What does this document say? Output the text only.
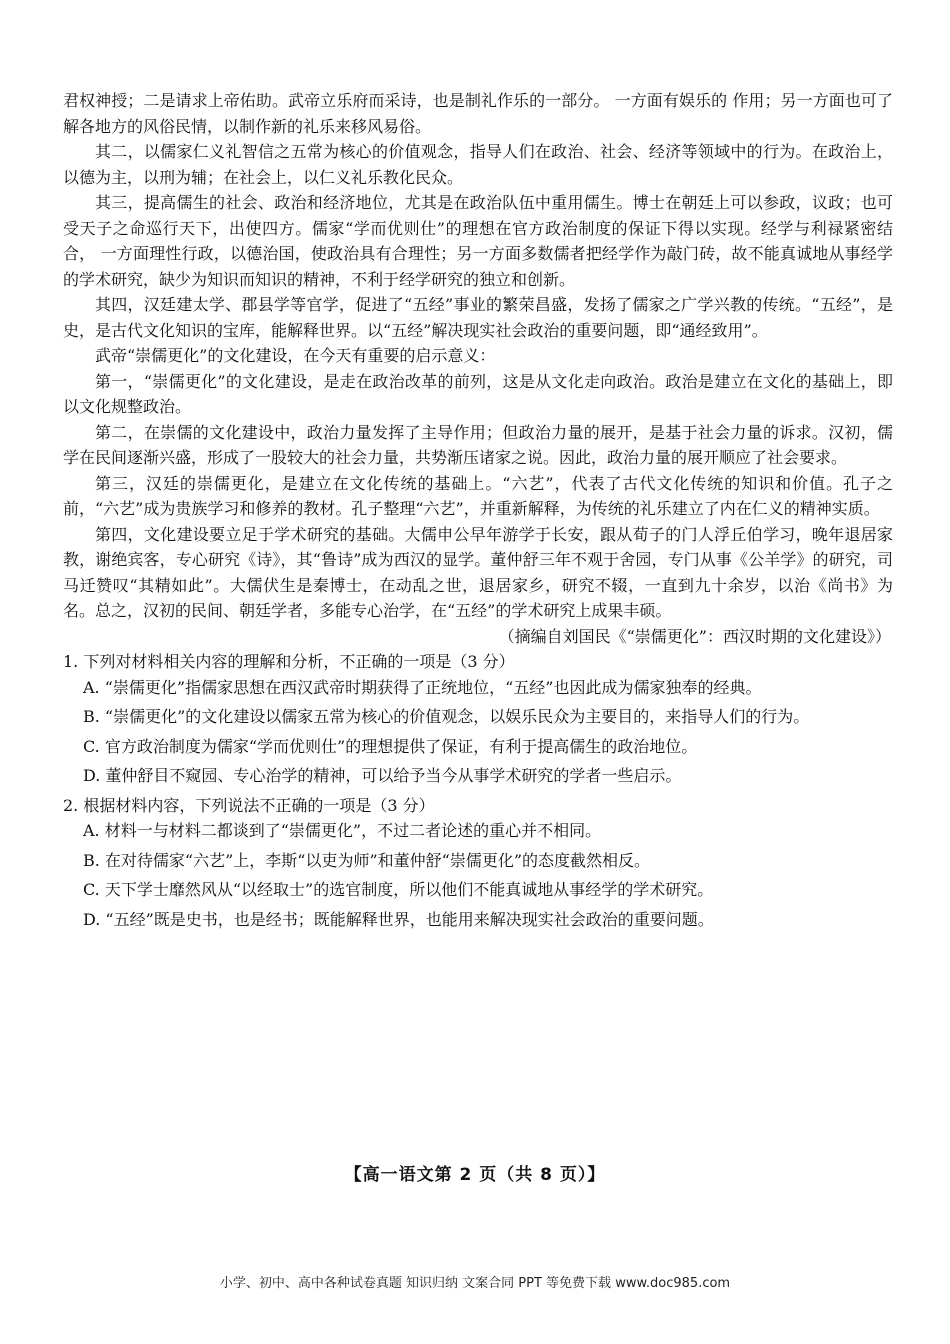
君权神授；二是请求上帝佑助。武帝立乐府而采诗，也是制礼作乐的一部分。 一方面有娱乐的 作用；另一方面也可了解各地方的风俗民情，以制作新的礼乐来移风易俗。

其二，以儒家仁义礼智信之五常为核心的价值观念，指导人们在政治、社会、经济等领域中的行为。在政治上，以德为主，以刑为辅；在社会上，以仁义礼乐教化民众。

其三，提高儒生的社会、政治和经济地位，尤其是在政治队伍中重用儒生。博士在朝廷上可以参政，议政；也可受天子之命巡行天下，出使四方。儒家“学而优则仕”的理想在官方政治制度的保证下得以实现。经学与利禄紧密结合， 一方面理性行政，以德治国，使政治具有合理性；另一方面多数儒者把经学作为敲门砖，故不能真诚地从事经学的学术研究，缺少为知识而知识的精神，不利于经学研究的独立和创新。

其四，汉廷建太学、郡县学等官学，促进了“五经”事业的繁荣昌盛，发扬了儒家之广学兴教的传统。“五经”，是史，是古代文化知识的宝库，能解释世界。以“五经”解决现实社会政治的重要问题，即“通经致用”。

武帝“崇儒更化”的文化建设，在今天有重要的启示意义：

第一，“崇儒更化”的文化建设，是走在政治改革的前列，这是从文化走向政治。政治是建立在文化的基础上，即以文化规整政治。

第二，在崇儒的文化建设中，政治力量发挥了主导作用；但政治力量的展开，是基于社会力量的诉求。汉初，儒学在民间逐渐兴盛，形成了一股较大的社会力量，共势渐压诸家之说。因此，政治力量的展开顺应了社会要求。

第三，汉廷的崇儒更化，是建立在文化传统的基础上。“六艺”，代表了古代文化传统的知识和价值。孔子之前，“六艺”成为贵族学习和修养的教材。孔子整理“六艺”，并重新解释，为传统的礼乐建立了内在仁义的精神实质。

第四，文化建设要立足于学术研究的基础。大儒申公早年游学于长安，跟从荀子的门人浮丘伯学习，晚年退居家教，谢绝宾客，专心研究《诗》，其“鲁诗”成为西汉的显学。董仲舒三年不观于舍园，专门从事《公羊学》的研究，司马迁赞叹“其精如此”。大儒伏生是秦博士，在动乱之世，退居家乡，研究不辍，一直到九十余岁，以治《尚书》为名。总之，汉初的民间、朝廷学者，多能专心治学，在“五经”的学术研究上成果丰硕。

（摘编自刘国民《“崇儒更化”：西汉时期的文化建设》）

1. 下列对材料相关内容的理解和分析，不正确的一项是（3 分）

A. “崇儒更化”指儒家思想在西汉武帝时期获得了正统地位，“五经”也因此成为儒家独奉的经典。

B. “崇儒更化”的文化建设以儒家五常为核心的价值观念，以娱乐民众为主要目的，来指导人们的行为。

C. 官方政治制度为儒家“学而优则仕”的理想提供了保证，有利于提高儒生的政治地位。

D. 董仲舒目不窥园、专心治学的精神，可以给予当今从事学术研究的学者一些启示。

2. 根据材料内容，下列说法不正确的一项是（3 分）

A. 材料一与材料二都谈到了“崇儒更化”，不过二者论述的重心并不相同。

B. 在对待儒家“六艺”上，李斯“以吏为师”和董仲舒“崇儒更化”的态度截然相反。

C. 天下学士靡然风从“以经取士”的选官制度，所以他们不能真诚地从事经学的学术研究。

D. “五经”既是史书，也是经书；既能解释世界，也能用来解决现实社会政治的重要问题。

【高一语文第 2 页（共 8 页）】
小学、初中、高中各种试卷真题 知识归纳 文案合同 PPT 等免费下载 www.doc985.com
